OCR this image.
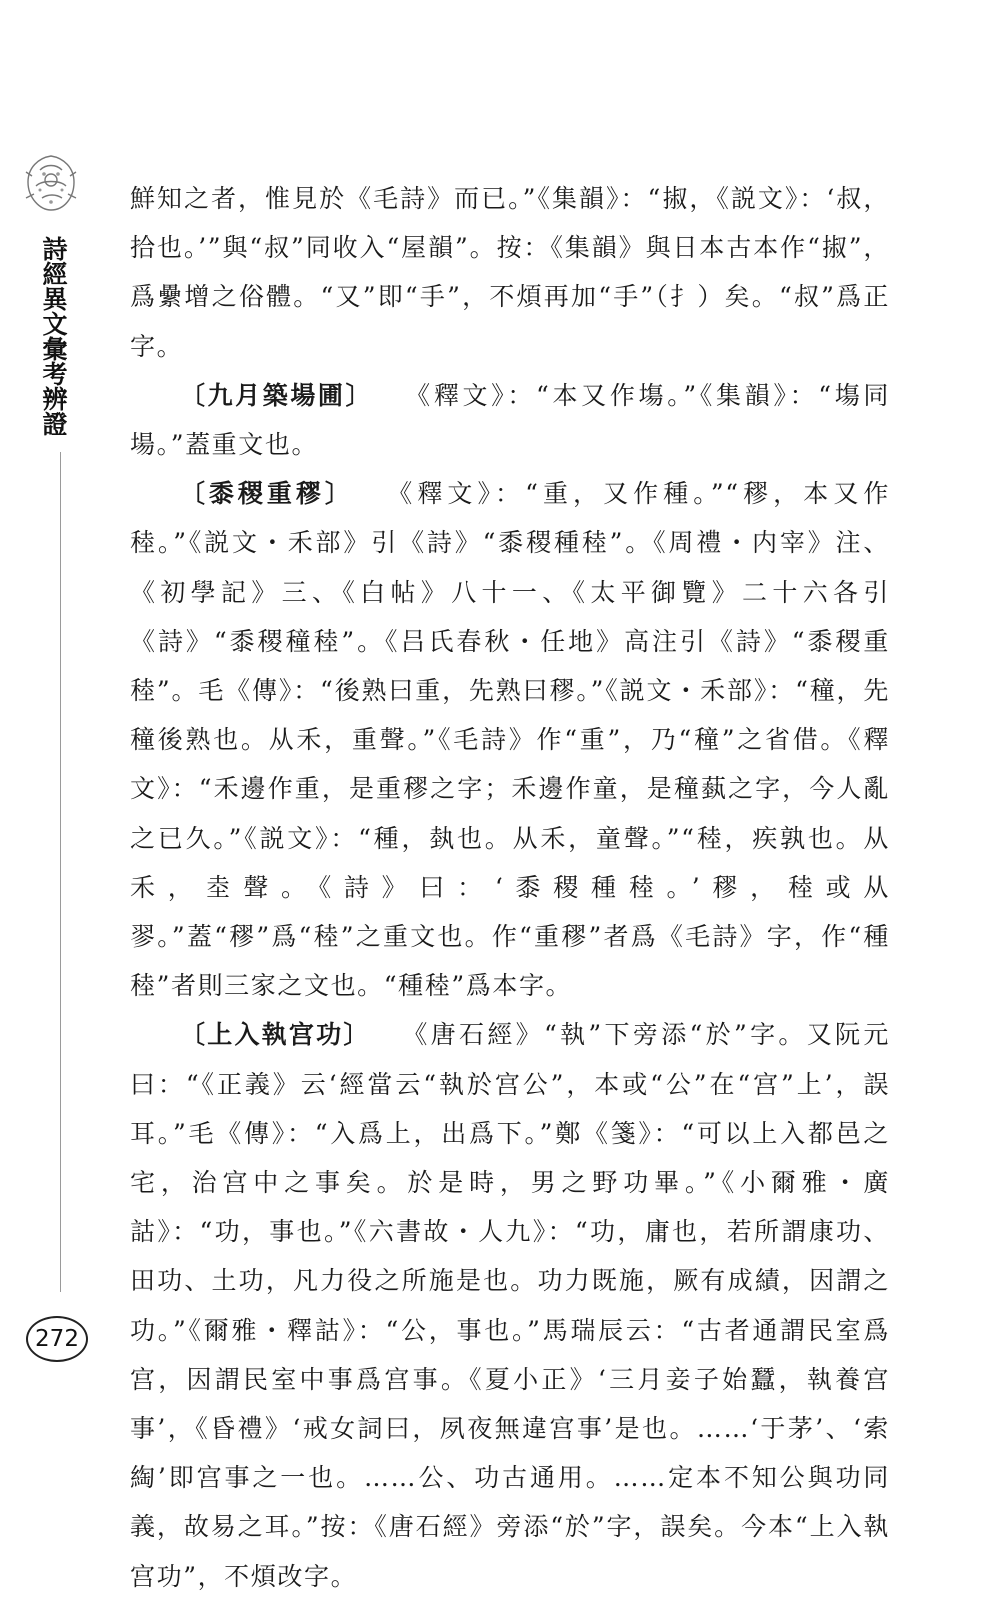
詩經異文彙考辨證
272

鮮知之者，惟見於《毛詩》而已。”《集韻》：“掓，《説文》：‘叔，拾也。’”與“叔”同收入“屋韻”。按：《集韻》與日本古本作“掓”，爲纍增之俗體。“又”即“手”，不煩再加“手”（扌）矣。“叔”爲正字。

〔九月築場圃〕 《釋文》：“本又作塲。”《集韻》：“塲同場。”蓋重文也。

〔黍稷重穋〕 《釋文》：“重，又作種。”“穋，本又作稑。”《説文・禾部》引《詩》“黍稷種稑”。《周禮・内宰》注、《初學記》三、《白帖》八十一、《太平御覽》二十六各引《詩》“黍稷穜稑”。《吕氏春秋・任地》高注引《詩》“黍稷重稑”。毛《傳》：“後熟曰重，先熟曰穋。”《説文・禾部》：“穜，先穜後熟也。从禾，重聲。”《毛詩》作“重”，乃“穜”之省借。《釋文》：“禾邊作重，是重穋之字；禾邊作童，是穜蓺之字，今人亂之已久。”《説文》：“種，埶也。从禾，童聲。”“稑，疾孰也。从禾，坴聲。《詩》曰：‘黍稷種稑。’穋，稑或从翏。”蓋“穋”爲“稑”之重文也。作“重穋”者爲《毛詩》字，作“種稑”者則三家之文也。“種稑”爲本字。

〔上入執宫功〕 《唐石經》“執”下旁添“於”字。又阮元曰：“《正義》云‘經當云“執於宫公”，本或“公”在“宫”上’，誤耳。”毛《傳》：“入爲上，出爲下。”鄭《箋》：“可以上入都邑之宅，治宫中之事矣。於是時，男之野功畢。”《小爾雅・廣詁》：“功，事也。”《六書故・人九》：“功，庸也，若所謂康功、田功、土功，凡力役之所施是也。功力既施，厥有成績，因謂之功。”《爾雅・釋詁》：“公，事也。”馬瑞辰云：“古者通謂民室爲宫，因謂民室中事爲宫事。《夏小正》‘三月妾子始蠶，執養宫事’，《昏禮》‘戒女詞曰，夙夜無違宫事’是也。……‘于茅’、‘索綯’即宫事之一也。……公、功古通用。……定本不知公與功同義，故易之耳。”按：《唐石經》旁添“於”字，誤矣。今本“上入執宫功”，不煩改字。
